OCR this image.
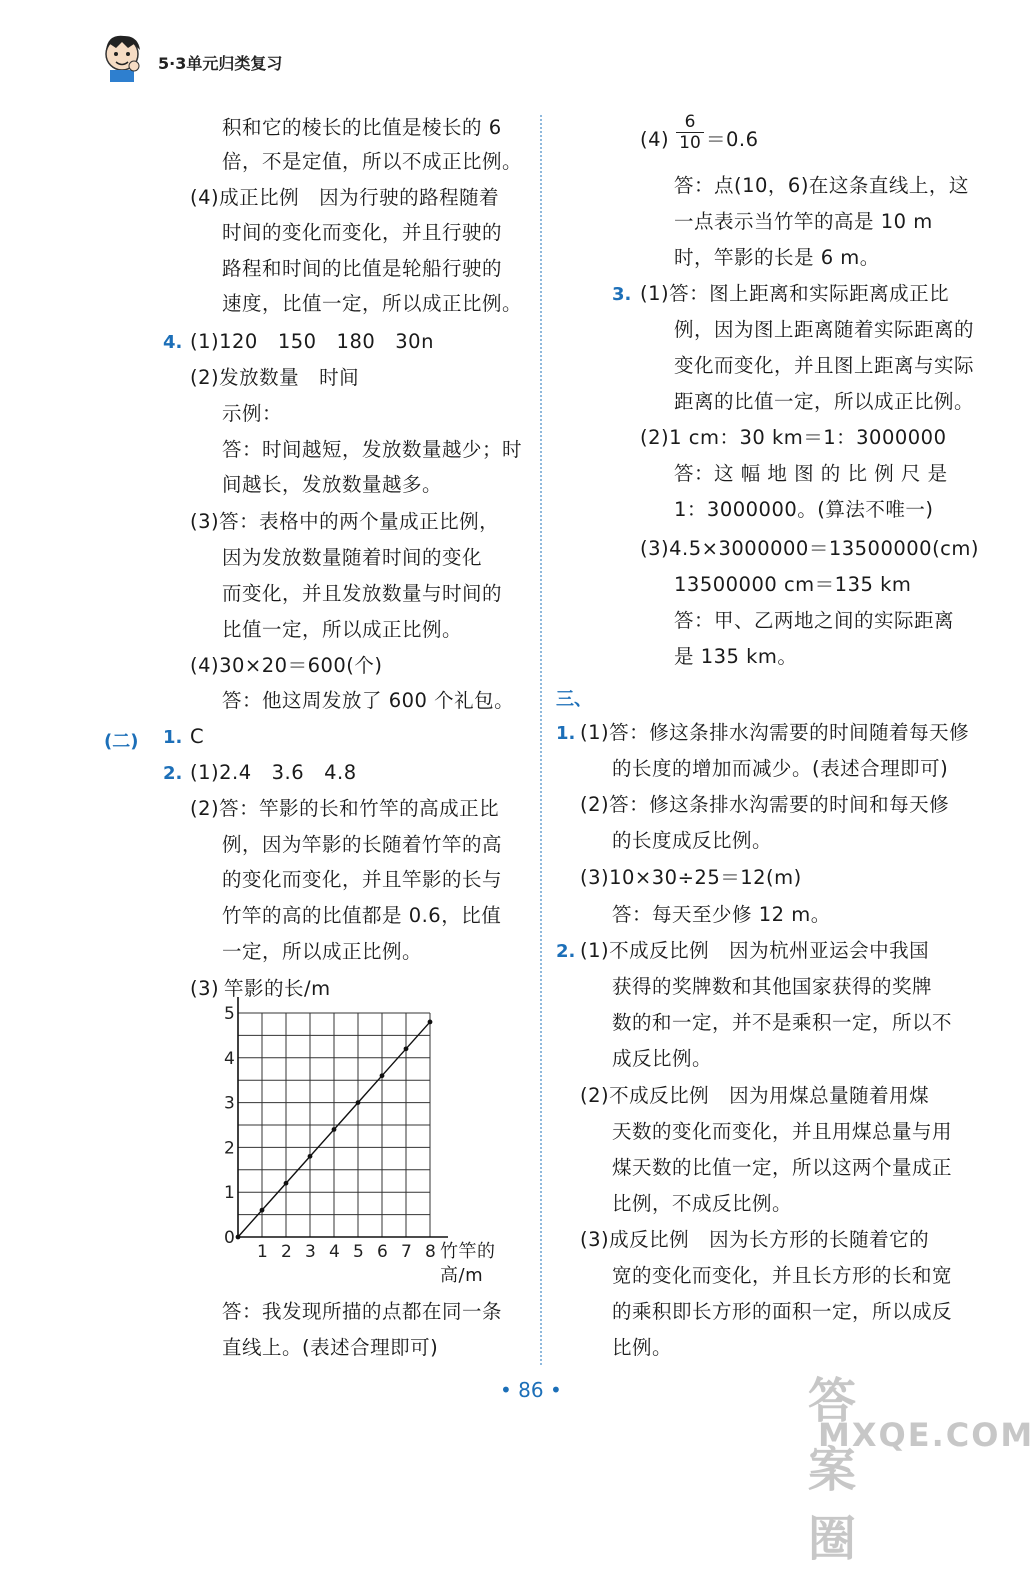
5·3单元归类复习
积和它的棱长的比值是棱长的 6
倍，不是定值，所以不成正比例。
(4)成正比例　因为行驶的路程随着
时间的变化而变化，并且行驶的
路程和时间的比值是轮船行驶的
速度，比值一定，所以成正比例。
4. (1)120　150　180　30n
(2)发放数量　时间
示例：
答：时间越短，发放数量越少；时
间越长，发放数量越多。
(3)答：表格中的两个量成正比例，
因为发放数量随着时间的变化
而变化，并且发放数量与时间的
比值一定，所以成正比例。
(4)30×20＝600(个)
答：他这周发放了 600 个礼包。
(二) 1. C
2. (1)2.4　3.6　4.8
(2)答：竿影的长和竹竿的高成正比
例，因为竿影的长随着竹竿的高
的变化而变化，并且竿影的长与
竹竿的高的比值都是 0.6，比值
一定，所以成正比例。
(3) 竿影的长/m
1 2 3 4 5 6 7 8
0
1
2
3
4
5
竹竿的
高/m
答：我发现所描的点都在同一条
直线上。(表述合理即可)
$(4) \frac{6}{10} =0.6$
答：点(10，6)在这条直线上，这
一点表示当竹竿的高是 10 m
时，竿影的长是 6 m。
3. (1)答：图上距离和实际距离成正比
例，因为图上距离随着实际距离的
变化而变化，并且图上距离与实际
距离的比值一定，所以成正比例。
(2)1 cm：30 km＝1：3000000
答：这 幅 地 图 的 比 例 尺 是
1：3000000。(算法不唯一)
(3)4.5×3000000＝13500000(cm)
13500000 cm＝135 km
答：甲、乙两地之间的实际距离
是 135 km。
三、
1. (1)答：修这条排水沟需要的时间随着每天修
的长度的增加而减少。(表述合理即可)
(2)答：修这条排水沟需要的时间和每天修
的长度成反比例。
(3)10×30÷25＝12(m)
答：每天至少修 12 m。
2. (1)不成反比例　因为杭州亚运会中我国
获得的奖牌数和其他国家获得的奖牌
数的和一定，并不是乘积一定，所以不
成反比例。
(2)不成反比例　因为用煤总量随着用煤
天数的变化而变化，并且用煤总量与用
煤天数的比值一定，所以这两个量成正
比例，不成反比例。
(3)成反比例　因为长方形的长随着它的
宽的变化而变化，并且长方形的长和宽
的乘积即长方形的面积一定，所以成反
比例。
• 86 •	答案圈
MXQE.COM
